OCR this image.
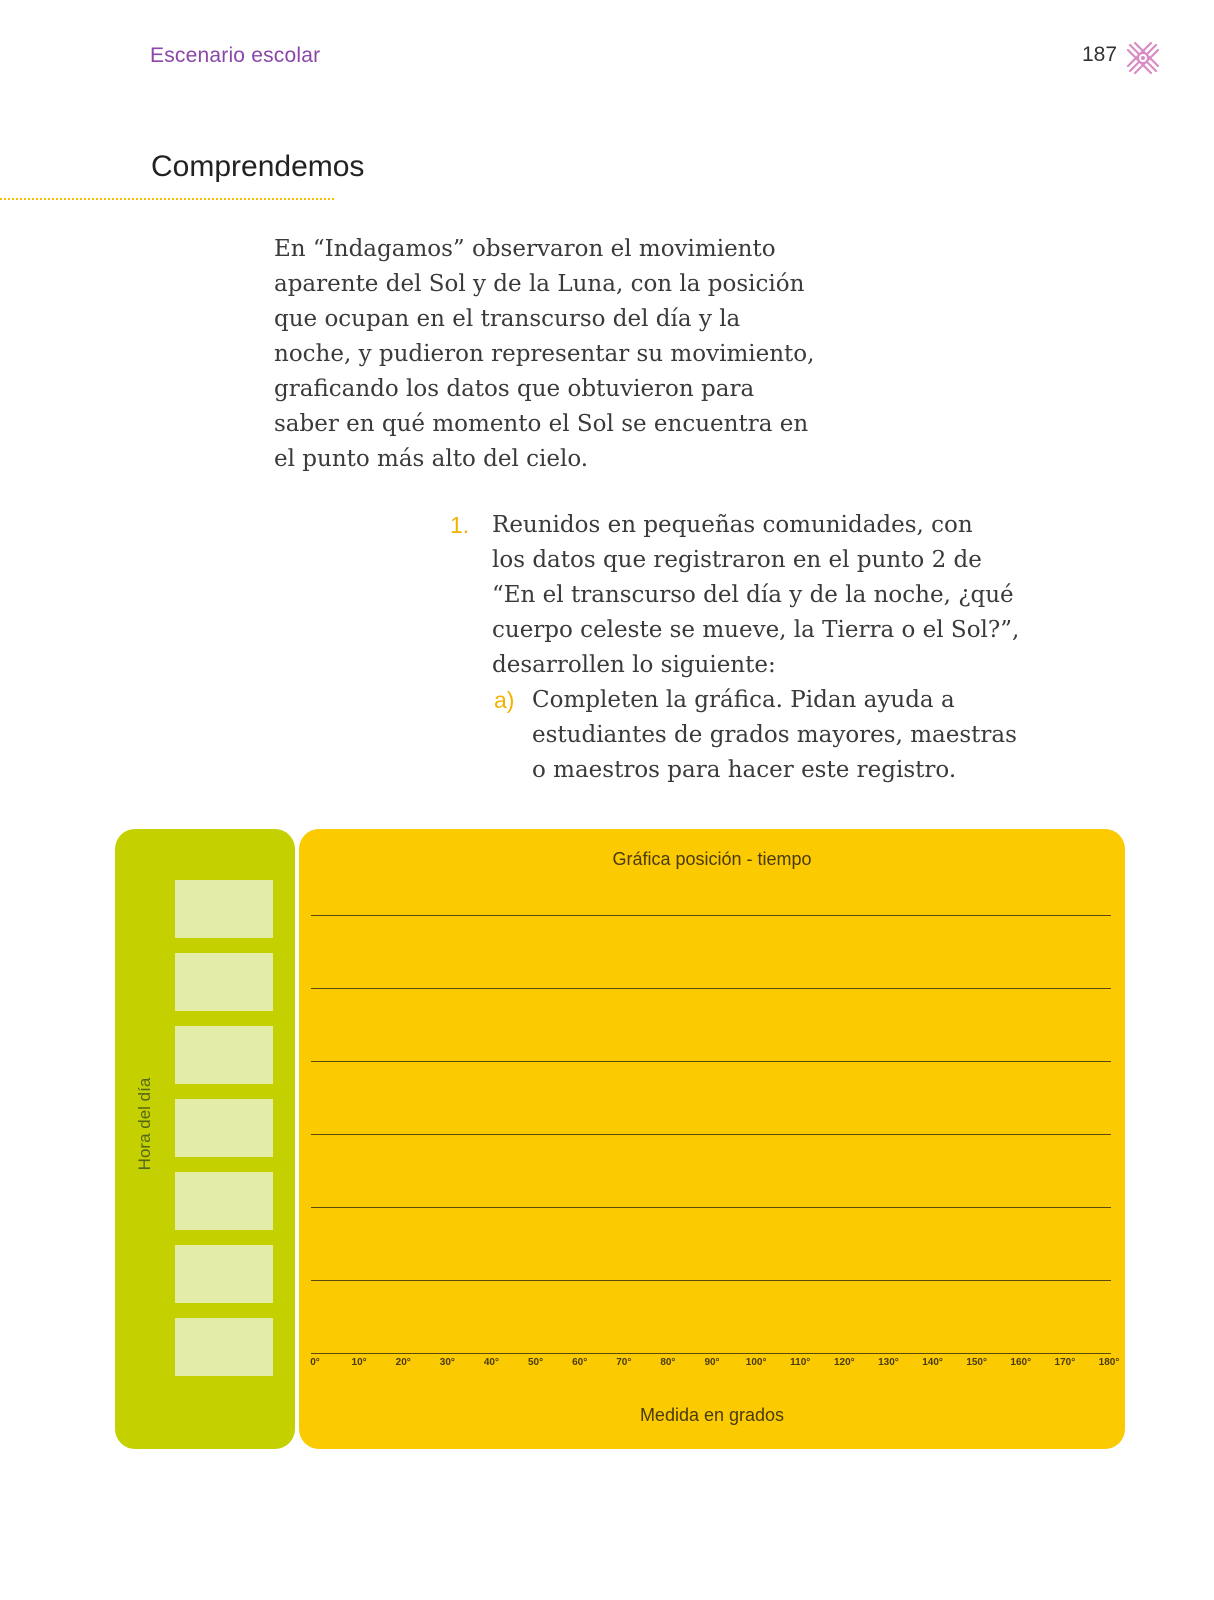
Escenario escolar	187
Comprendemos
En “Indagamos” observaron el movimiento
aparente del Sol y de la Luna, con la posición
que ocupan en el transcurso del día y la
noche, y pudieron representar su movimiento,
graficando los datos que obtuvieron para
saber en qué momento el Sol se encuentra en
el punto más alto del cielo.
1. Reunidos en pequeñas comunidades, con
los datos que registraron en el punto 2 de
“En el transcurso del día y de la noche, ¿qué
cuerpo celeste se mueve, la Tierra o el Sol?”,
desarrollen lo siguiente:
a) Completen la gráfica. Pidan ayuda a
estudiantes de grados mayores, maestras
o maestros para hacer este registro.
Hora del día
Gráfica posición - tiempo
Medida en grados
0°	10°	20°	30°	40°	50°	60°	70°	80°	90°	100°	110°	120°	130°	140°	150°	160°	170°	180°
